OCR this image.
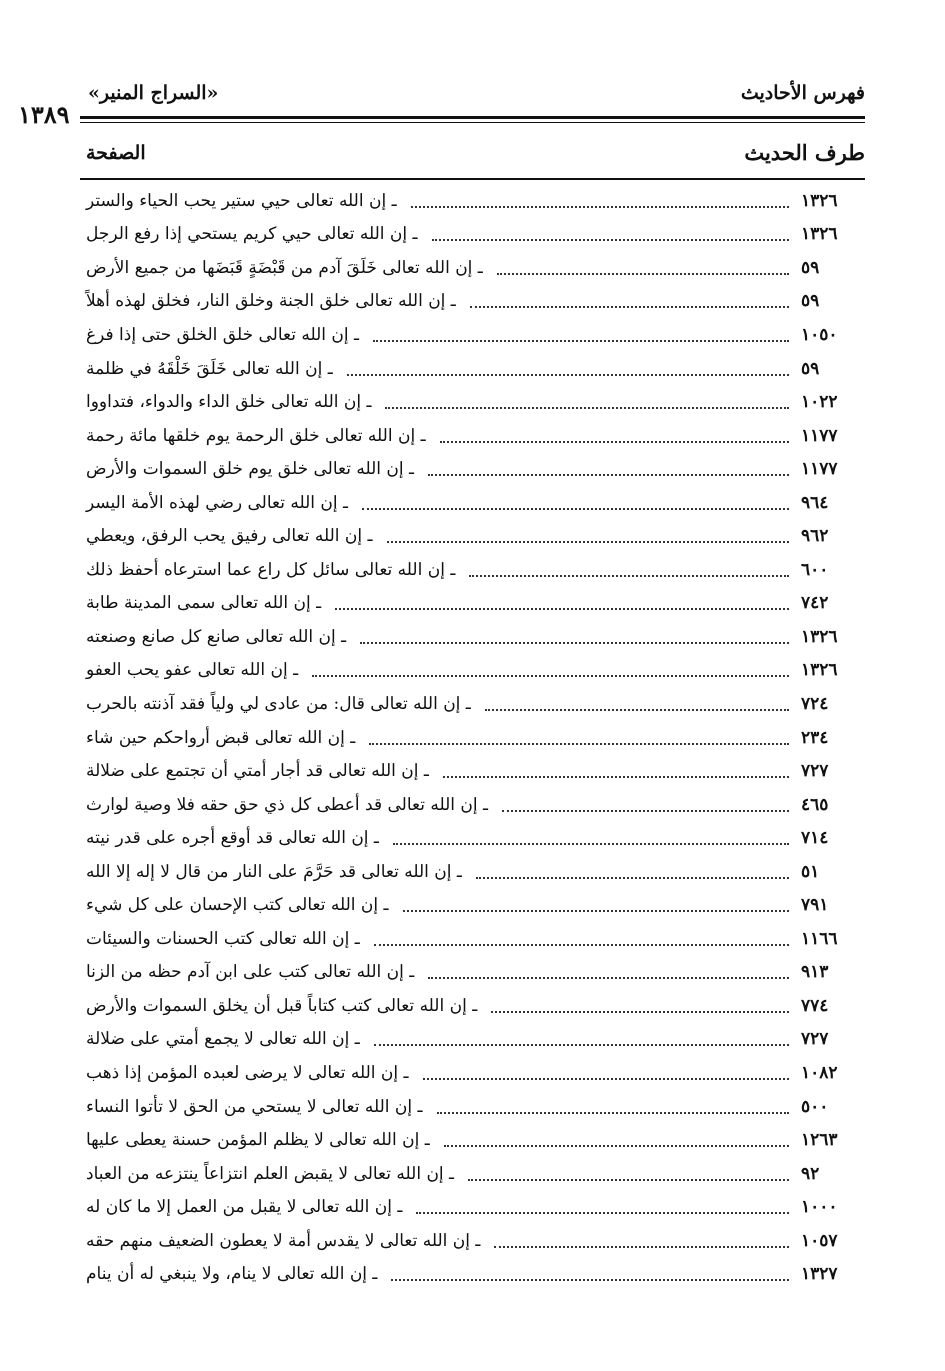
فهرس الأحاديث
«السراج المنير»
١٣٨٩
طرف الحديث
الصفحة
ـ إن الله تعالى حيي ستير يحب الحياء والستر	١٣٢٦
ـ إن الله تعالى حيي كريم يستحي إذا رفع الرجل	١٣٢٦
ـ إن الله تعالى خَلَقَ آدم من قَبْضَةٍ قَبَضَها من جميع الأرض	٥٩
ـ إن الله تعالى خلق الجنة وخلق النار، فخلق لهذه أهلاً	٥٩
ـ إن الله تعالى خلق الخلق حتى إذا فرغ	١٠٥٠
ـ إن الله تعالى خَلَقَ خَلْقَهُ في ظلمة	٥٩
ـ إن الله تعالى خلق الداء والدواء، فتداووا	١٠٢٢
ـ إن الله تعالى خلق الرحمة يوم خلقها مائة رحمة	١١٧٧
ـ إن الله تعالى خلق يوم خلق السموات والأرض	١١٧٧
ـ إن الله تعالى رضي لهذه الأمة اليسر	٩٦٤
ـ إن الله تعالى رفيق يحب الرفق، ويعطي	٩٦٢
ـ إن الله تعالى سائل كل راع عما استرعاه أحفظ ذلك	٦٠٠
ـ إن الله تعالى سمى المدينة طابة	٧٤٢
ـ إن الله تعالى صانع كل صانع وصنعته	١٣٢٦
ـ إن الله تعالى عفو يحب العفو	١٣٢٦
ـ إن الله تعالى قال: من عادى لي ولياً فقد آذنته بالحرب	٧٢٤
ـ إن الله تعالى قبض أرواحكم حين شاء	٢٣٤
ـ إن الله تعالى قد أجار أمتي أن تجتمع على ضلالة	٧٢٧
ـ إن الله تعالى قد أعطى كل ذي حق حقه فلا وصية لوارث	٤٦٥
ـ إن الله تعالى قد أوقع أجره على قدر نيته	٧١٤
ـ إن الله تعالى قد حَرَّمَ على النار من قال لا إله إلا الله	٥١
ـ إن الله تعالى كتب الإحسان على كل شيء	٧٩١
ـ إن الله تعالى كتب الحسنات والسيئات	١١٦٦
ـ إن الله تعالى كتب على ابن آدم حظه من الزنا	٩١٣
ـ إن الله تعالى كتب كتاباً قبل أن يخلق السموات والأرض	٧٧٤
ـ إن الله تعالى لا يجمع أمتي على ضلالة	٧٢٧
ـ إن الله تعالى لا يرضى لعبده المؤمن إذا ذهب	١٠٨٢
ـ إن الله تعالى لا يستحي من الحق لا تأتوا النساء	٥٠٠
ـ إن الله تعالى لا يظلم المؤمن حسنة يعطى عليها	١٢٦٣
ـ إن الله تعالى لا يقبض العلم انتزاعاً ينتزعه من العباد	٩٢
ـ إن الله تعالى لا يقبل من العمل إلا ما كان له	١٠٠٠
ـ إن الله تعالى لا يقدس أمة لا يعطون الضعيف منهم حقه	١٠٥٧
ـ إن الله تعالى لا ينام، ولا ينبغي له أن ينام	١٣٢٧
